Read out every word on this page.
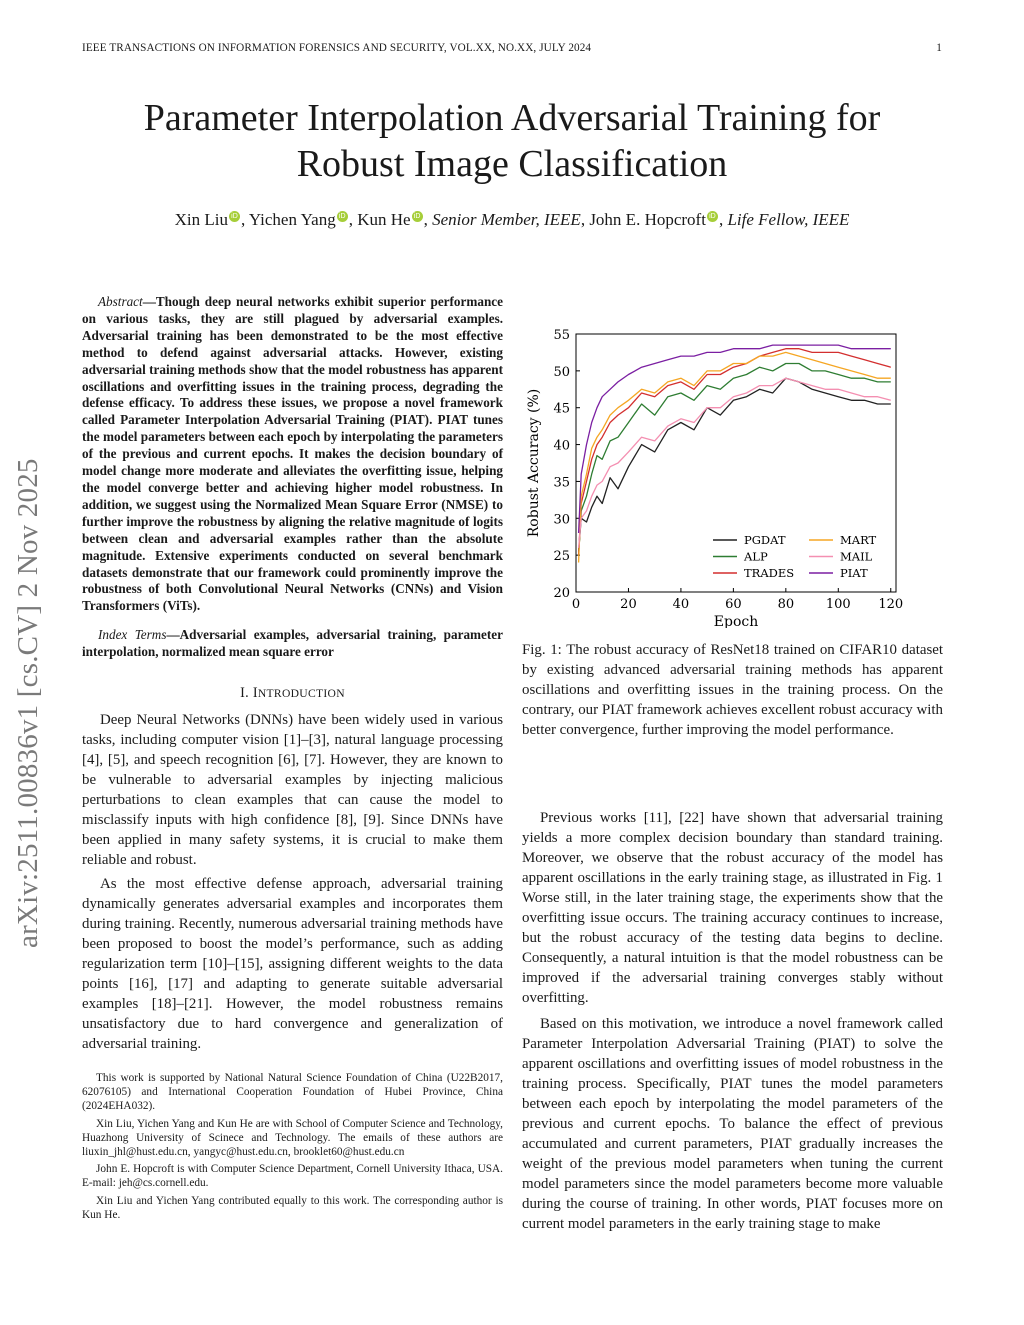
IEEE TRANSACTIONS ON INFORMATION FORENSICS AND SECURITY, VOL.XX, NO.XX, JULY 2024	1
Parameter Interpolation Adversarial Training for
Robust Image Classification
Xin Liu iD , Yichen Yang iD , Kun He iD , Senior Member, IEEE, John E. Hopcroft iD , Life Fellow, IEEE
arXiv:2511.00836v1 [cs.CV] 2 Nov 2025

Abstract—Though deep neural networks exhibit superior performance on various tasks, they are still plagued by adversarial examples. Adversarial training has been demonstrated to be the most effective method to defend against adversarial attacks. However, existing adversarial training methods show that the model robustness has apparent oscillations and overfitting issues in the training process, degrading the defense efficacy. To address these issues, we propose a novel framework called Parameter Interpolation Adversarial Training (PIAT). PIAT tunes the model parameters between each epoch by interpolating the parameters of the previous and current epochs. It makes the decision boundary of model change more moderate and alleviates the overfitting issue, helping the model converge better and achieving higher model robustness. In addition, we suggest using the Normalized Mean Square Error (NMSE) to further improve the robustness by aligning the relative magnitude of logits between clean and adversarial examples rather than the absolute magnitude. Extensive experiments conducted on several benchmark datasets demonstrate that our framework could prominently improve the robustness of both Convolutional Neural Networks (CNNs) and Vision Transformers (ViTs).

Index Terms—Adversarial examples, adversarial training, parameter interpolation, normalized mean square error

I. INTRODUCTION

Deep Neural Networks (DNNs) have been widely used in various tasks, including computer vision [1]–[3], natural language processing [4], [5], and speech recognition [6], [7]. However, they are known to be vulnerable to adversarial examples by injecting malicious perturbations to clean examples that can cause the model to misclassify inputs with high confidence [8], [9]. Since DNNs have been applied in many safety systems, it is crucial to make them reliable and robust.

As the most effective defense approach, adversarial training dynamically generates adversarial examples and incorporates them during training. Recently, numerous adversarial training methods have been proposed to boost the model’s performance, such as adding regularization term [10]–[15], assigning different weights to the data points [16], [17] and adapting to generate suitable adversarial examples [18]–[21]. However, the model robustness remains unsatisfactory due to hard convergence and generalization of adversarial training.

This work is supported by National Natural Science Foundation of China (U22B2017, 62076105) and International Cooperation Foundation of Hubei Province, China (2024EHA032).

Xin Liu, Yichen Yang and Kun He are with School of Computer Science and Technology, Huazhong University of Scinece and Technology. The emails of these authors are liuxin_jhl@hust.edu.cn, yangyc@hust.edu.cn, brooklet60@hust.edu.cn

John E. Hopcroft is with Computer Science Department, Cornell University Ithaca, USA. E-mail: jeh@cs.cornell.edu.

Xin Liu and Yichen Yang contributed equally to this work. The corresponding author is Kun He.

20
25
30
35
40
45
50
55
0	20	40	60	80 100 120
PGDAT
ALP
TRADES
MART
MAIL
PIAT
Epoch
Robust Accuracy (%)
Fig. 1: The robust accuracy of ResNet18 trained on CIFAR10 dataset by existing advanced adversarial training methods has apparent oscillations and overfitting issues in the training process. On the contrary, our PIAT framework achieves excellent robust accuracy with better convergence, further improving the model performance.

Previous works [11], [22] have shown that adversarial training yields a more complex decision boundary than standard training. Moreover, we observe that the robust accuracy of the model has apparent oscillations in the early training stage, as illustrated in Fig. 1 Worse still, in the later training stage, the experiments show that the overfitting issue occurs. The training accuracy continues to increase, but the robust accuracy of the testing data begins to decline. Consequently, a natural intuition is that the model robustness can be improved if the adversarial training converges stably without overfitting.

Based on this motivation, we introduce a novel framework called Parameter Interpolation Adversarial Training (PIAT) to solve the apparent oscillations and overfitting issues of model robustness in the training process. Specifically, PIAT tunes the model parameters between each epoch by interpolating the model parameters of the previous and current epochs. To balance the effect of previous accumulated and current parameters, PIAT gradually increases the weight of the previous model parameters when tuning the current model parameters since the model parameters become more valuable during the course of training. In other words, PIAT focuses more on current model parameters in the early training stage to make
